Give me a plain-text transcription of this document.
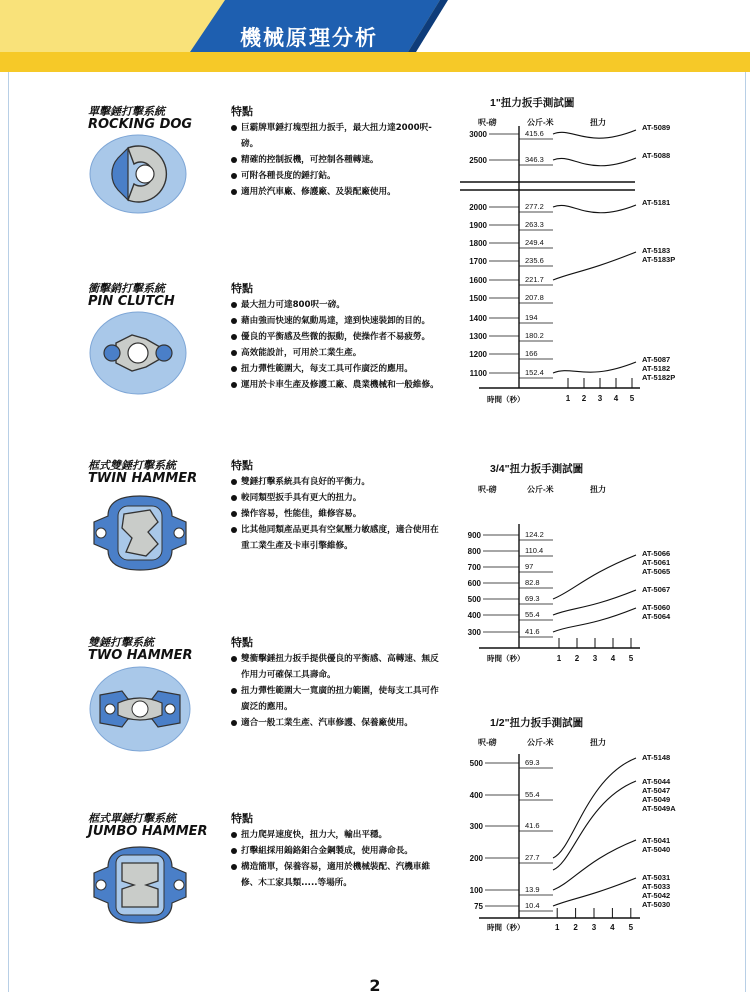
機械原理分析
單擊錘打擊系統
ROCKING DOG
特點
巨霸牌單錘打塊型扭力扳手，最大扭力達2000呎-磅。
精確的控制扳機，可控制各種轉速。
可附各種長度的錘打鉆。
適用於汽車廠、修護廠、及裝配廠使用。
衝擊銷打擊系統
PIN CLUTCH
特點
最大扭力可達800呎一磅。
藉由強而快速的氣動馬達，達到快速裝卸的目的。
優良的平衡感及些微的振動，使操作者不易疲勞。
高效能設計，可用於工業生產。
扭力彈性範圍大，每支工具可作廣泛的應用。
運用於卡車生產及修護工廠、農業機械和一般維修。
框式雙錘打擊系統
TWIN HAMMER
特點
雙錘打擊系統具有良好的平衡力。
較同類型扳手具有更大的扭力。
操作容易，性能佳，維修容易。
比其他同類產品更具有空氣壓力敏感度，適合使用在重工業生產及卡車引擎維修。
雙錘打擊系統
TWO HAMMER
特點
雙衝擊錘扭力扳手提供優良的平衡感、高轉速、無反作用力可確保工具壽命。
扭力彈性範圍大一寬廣的扭力範圍，使每支工具可作廣泛的應用。
適合一般工業生產、汽車修護、保養廠使用。
框式單錘打擊系統
JUMBO HAMMER
特點
扭力爬昇速度快，扭力大，輸出平穩。
打擊組採用鎢鉻鉬合金鋼製成，使用壽命長。
構造簡單，保養容易，適用於機械裝配、汽機車維修、木工家具類.....等場所。
1"扭力扳手測試圖
呎-磅	公斤-米	扭力
3000	415.6
2500	346.3
2000	277.2
1900	263.3
1800	249.4
1700	235.6
1600	221.7
1500	207.8
1400	194
1300	180.2
1200	166
1100	152.4
1 2 3 4 5
時間（秒）
AT-5089
AT-5088
AT-5181
AT-5183 AT-5183P
AT-5087 AT-5182 AT-5182P
3/4"扭力扳手測試圖
呎-磅	公斤-米	扭力
900	124.2
800	110.4
700	97
600	82.8
500	69.3
400	55.4
300	41.6
1 2 3 4 5
時間（秒）
AT-5066 AT-5061 AT-5065
AT-5067
AT-5060 AT-5064
1/2"扭力扳手測試圖
呎-磅	公斤-米	扭力
500	69.3
400	55.4
300	41.6
200	27.7
100	13.9
75	10.4
1 2 3 4 5
時間（秒）
AT-5148
AT-5044 AT-5047 AT-5049 AT-5049A
AT-5041 AT-5040
AT-5031 AT-5033 AT-5042 AT-5030
2
